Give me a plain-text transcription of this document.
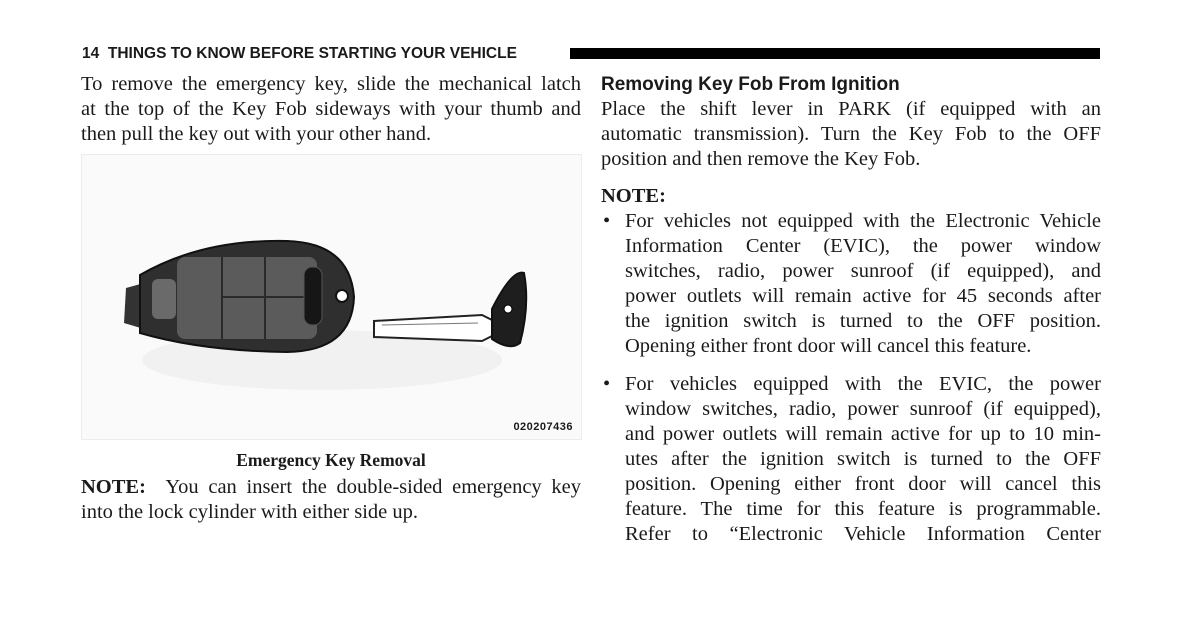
14 THINGS TO KNOW BEFORE STARTING YOUR VEHICLE
To remove the emergency key, slide the mechanical latch
at the top of the Key Fob sideways with your thumb and
then pull the key out with your other hand.
020207436
Emergency Key Removal
NOTE: You can insert the double-sided emergency key
into the lock cylinder with either side up.
Removing Key Fob From Ignition
Place the shift lever in PARK (if equipped with an
automatic transmission). Turn the Key Fob to the OFF
position and then remove the Key Fob.
NOTE:
• For vehicles not equipped with the Electronic Vehicle
Information Center (EVIC), the power window
switches, radio, power sunroof (if equipped), and
power outlets will remain active for 45 seconds after
the ignition switch is turned to the OFF position.
Opening either front door will cancel this feature.
• For vehicles equipped with the EVIC, the power
window switches, radio, power sunroof (if equipped),
and power outlets will remain active for up to 10 min-
utes after the ignition switch is turned to the OFF
position. Opening either front door will cancel this
feature. The time for this feature is programmable.
Refer to “Electronic Vehicle Information Center
